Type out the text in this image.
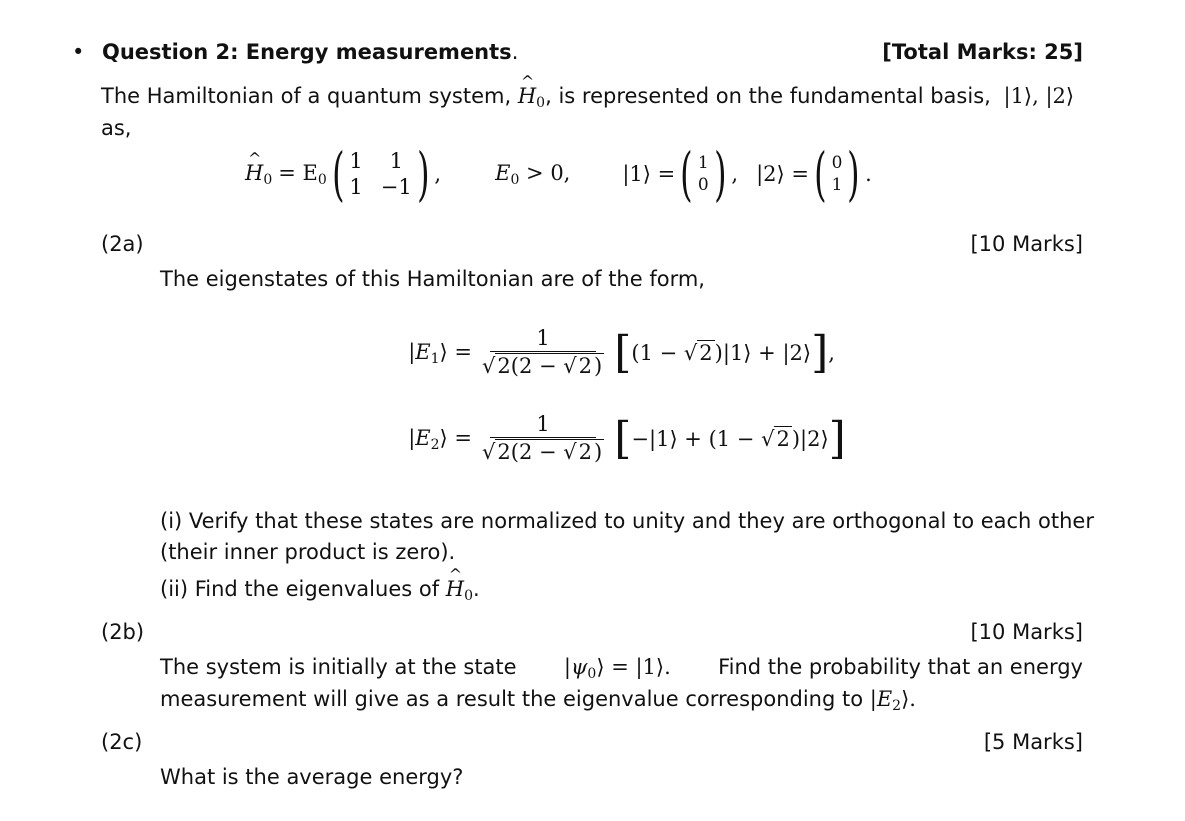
• Question 2: Energy measurements.	[Total Marks: 25]
The Hamiltonian of a quantum system, ^ $H_0$, is represented on the fundamental basis, |1⟩, |2⟩
as,
^ $H_0 = E_0$ ( 1	1
1 −1 ) ,	$E_0 > 0$, |1⟩ = ( 1
0 ) , |2⟩ = ( 0
1 ) .
(2a)	[10 Marks]
The eigenstates of this Hamiltonian are of the form,
$|E_1⟩ = \frac{1}{√2(2 - √2)}$ [ (1 − √2)|1⟩ + |2⟩ ] ,
$|E_2⟩ = \frac{1}{√2(2 - √2)}$ [ −|1⟩ + (1 − √2)|2⟩ ]
(i) Verify that these states are normalized to unity and they are orthogonal to each other
(their inner product is zero).
(ii) Find the eigenvalues of ^ $H_0$.
(2b)	[10 Marks]
The system is initially at the state $|\psi_0⟩$ = |1⟩. Find the probability that an energy
measurement will give as a result the eigenvalue corresponding to $|E_2⟩$.
(2c)	[5 Marks]
What is the average energy?
